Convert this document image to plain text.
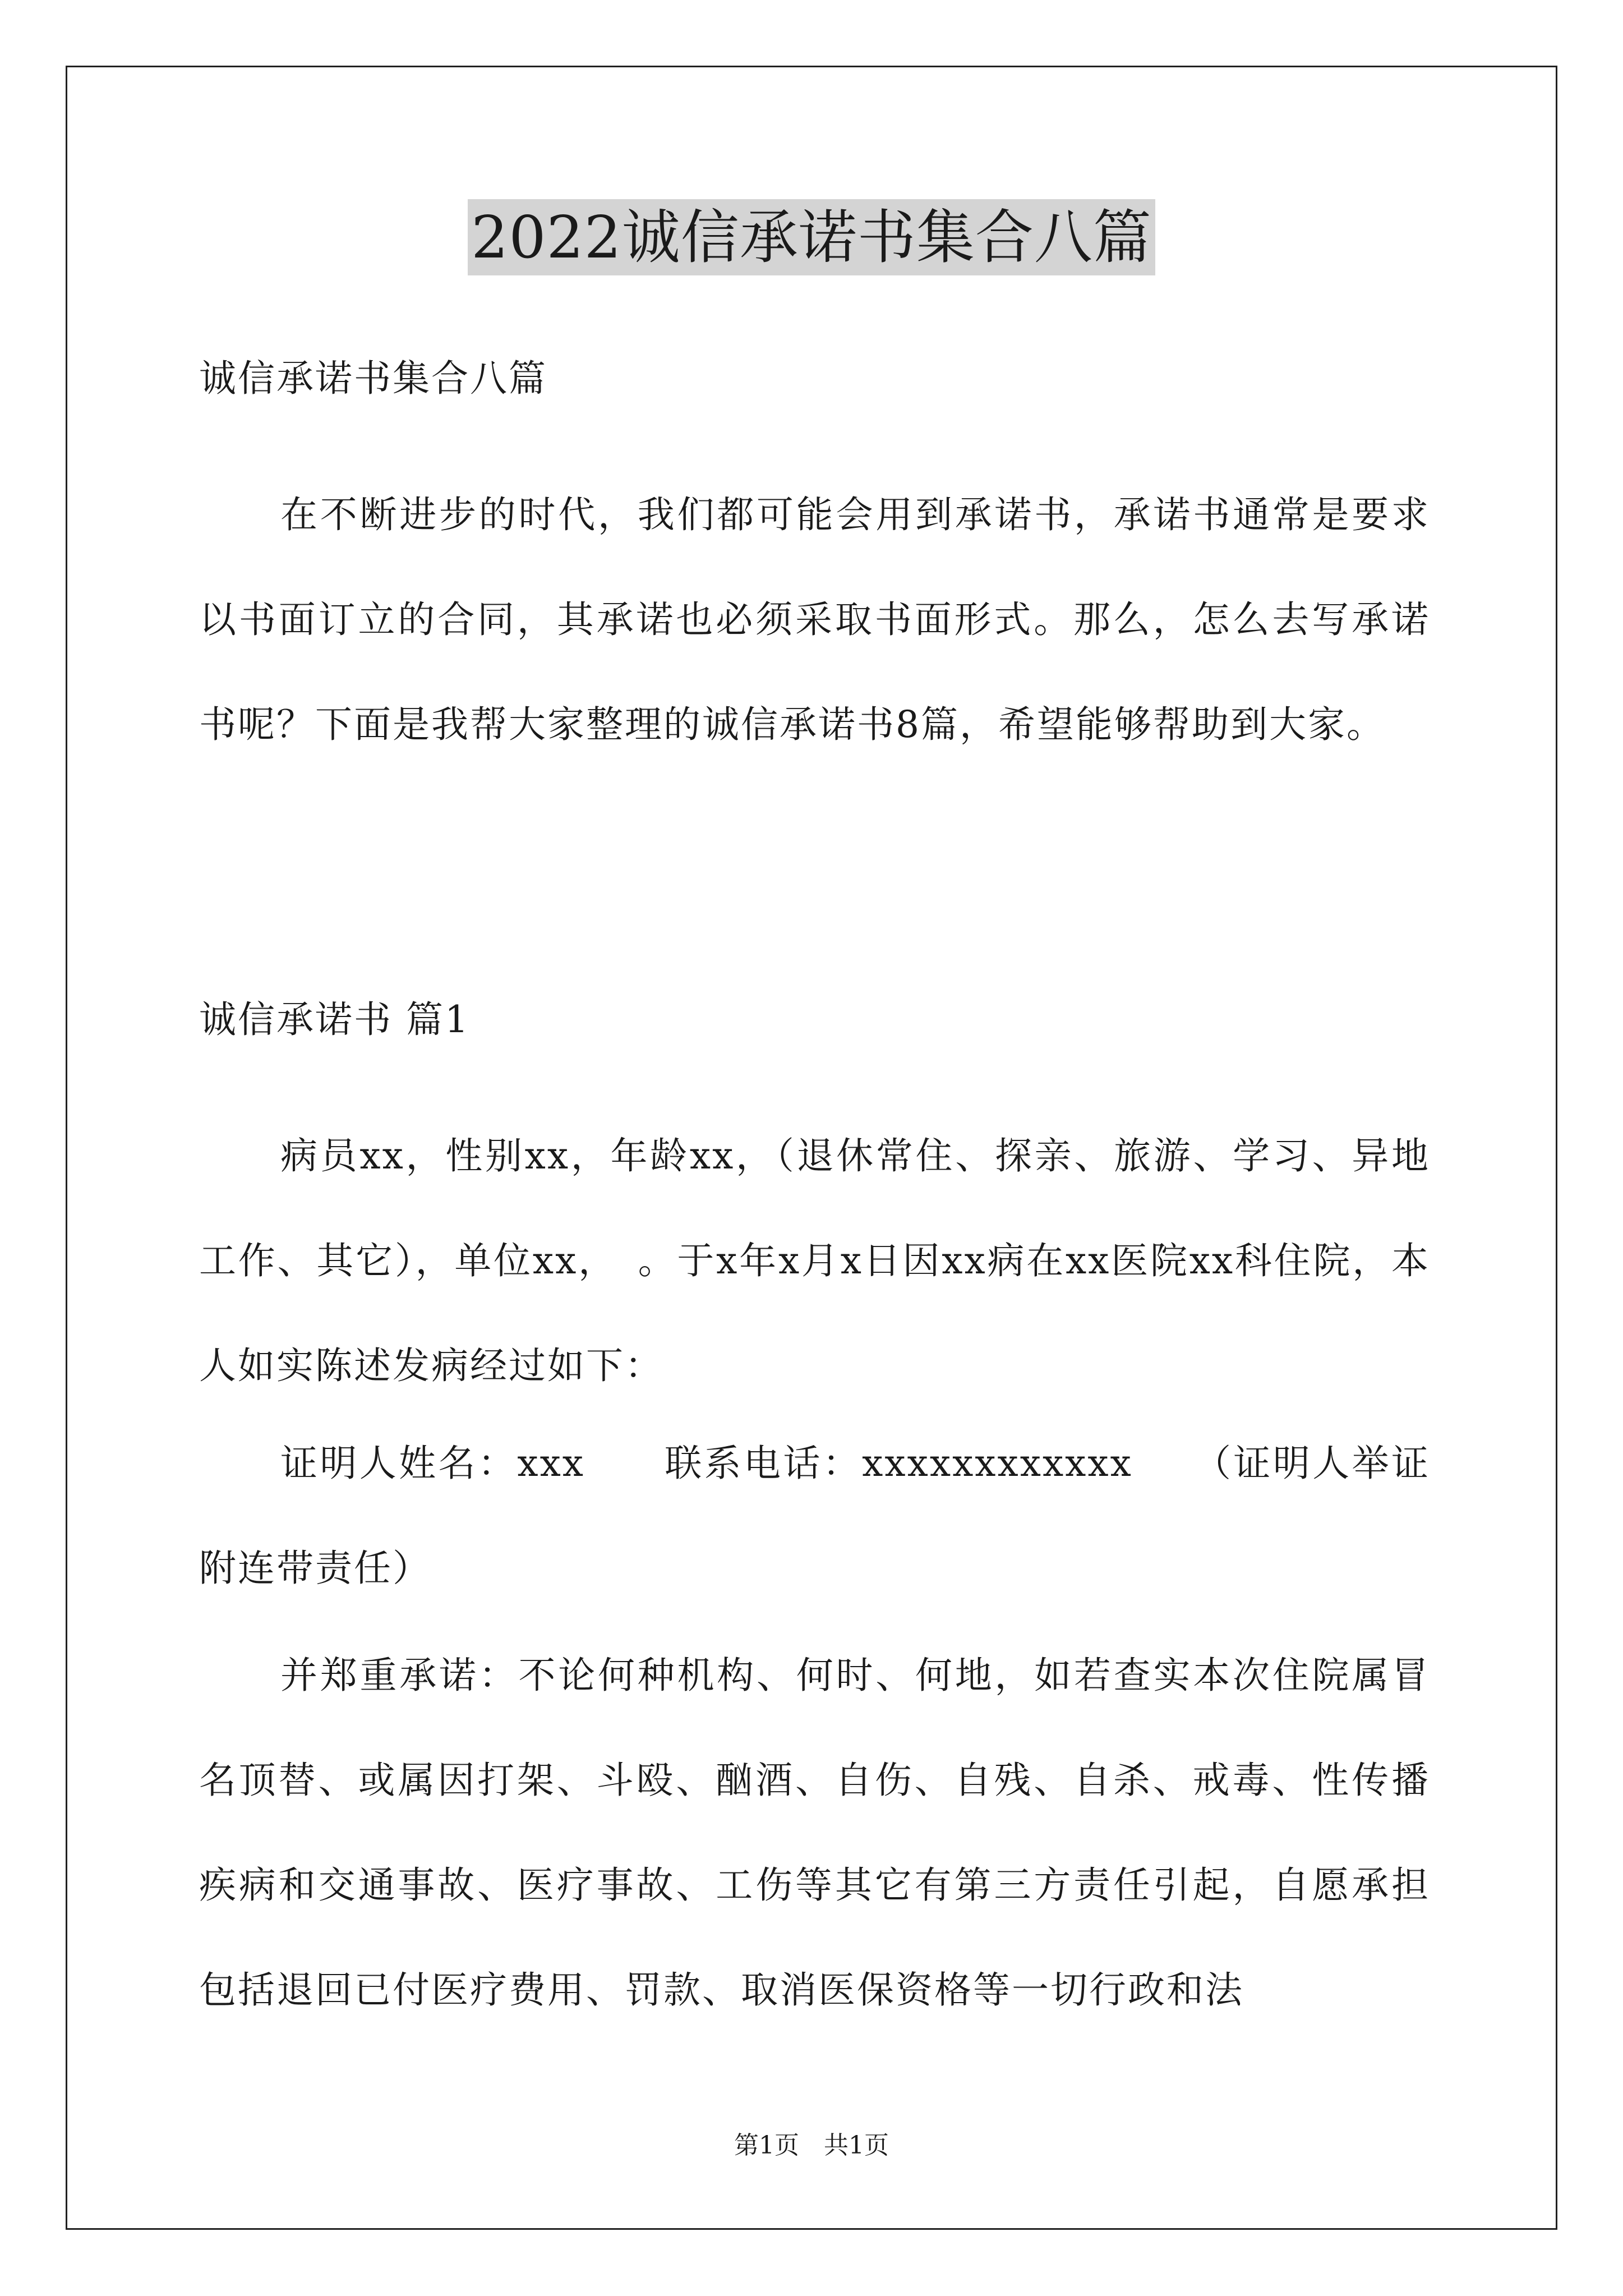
2022诚信承诺书集合八篇
诚信承诺书集合八篇
在不断进步的时代，我们都可能会用到承诺书，承诺书通常是要求以书面订立的合同，其承诺也必须采取书面形式。那么，怎么去写承诺书呢？下面是我帮大家整理的诚信承诺书8篇，希望能够帮助到大家。
诚信承诺书 篇1
病员xx，性别xx，年龄xx，（退休常住、探亲、旅游、学习、异地工作、其它），单位xx，　。于x年x月x日因xx病在xx医院xx科住院，本人如实陈述发病经过如下：
证明人姓名：xxx　　联系电话：xxxxxxxxxxxx　　（证明人举证附连带责任）
并郑重承诺：不论何种机构、何时、何地，如若查实本次住院属冒名顶替、或属因打架、斗殴、酗酒、自伤、自残、自杀、戒毒、性传播疾病和交通事故、医疗事故、工伤等其它有第三方责任引起，自愿承担包括退回已付医疗费用、罚款、取消医保资格等一切行政和法
第1页　共1页
